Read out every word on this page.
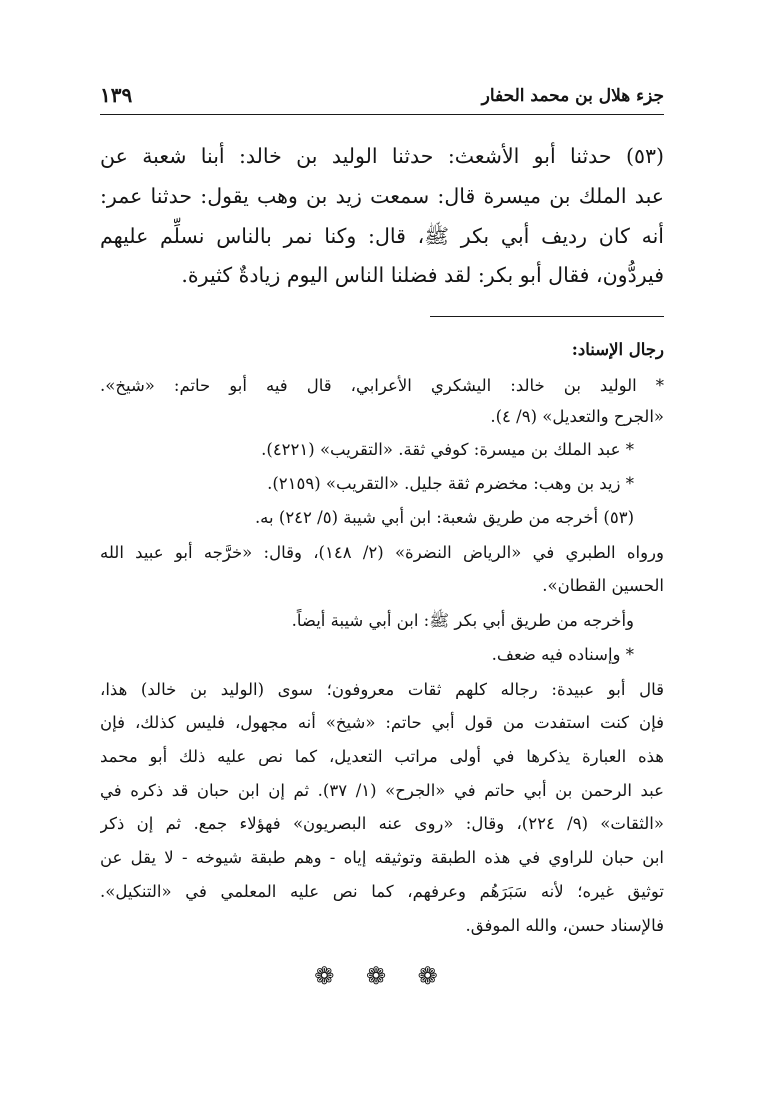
جزء هلال بن محمد الحفار
١٣٩

(٥٣) حدثنا أبو الأشعث: حدثنا الوليد بن خالد: أبنا شعبة عن

عبد الملك بن ميسرة قال: سمعت زيد بن وهب يقول: حدثنا عمر:

أنه كان رديف أبي بكر ﷺ، قال: وكنا نمر بالناس نسلِّم عليهم

فيردُّون، فقال أبو بكر: لقد فضلنا الناس اليوم زيادةٌ كثيرة.

رجال الإسناد:

* الوليد بن خالد: اليشكري الأعرابي، قال فيه أبو حاتم: «شيخ».

«الجرح والتعديل» (٩/ ٤).

* عبد الملك بن ميسرة: كوفي ثقة. «التقريب» (٤٢٢١).

* زيد بن وهب: مخضرم ثقة جليل. «التقريب» (٢١٥٩).

(٥٣) أخرجه من طريق شعبة: ابن أبي شيبة (٥/ ٢٤٢) به.

ورواه الطبري في «الرياض النضرة» (٢/ ١٤٨)، وقال: «خرَّجه أبو عبيد الله

الحسين القطان».

وأخرجه من طريق أبي بكر ﷺ: ابن أبي شيبة أيضاً.

* وإسناده فيه ضعف.

قال أبو عبيدة: رجاله كلهم ثقات معروفون؛ سوى (الوليد بن خالد) هذا،

فإن كنت استفدت من قول أبي حاتم: «شيخ» أنه مجهول، فليس كذلك، فإن

هذه العبارة يذكرها في أولى مراتب التعديل، كما نص عليه ذلك أبو محمد

عبد الرحمن بن أبي حاتم في «الجرح» (١/ ٣٧). ثم إن ابن حبان قد ذكره في

«الثقات» (٩/ ٢٢٤)، وقال: «روى عنه البصريون» فهؤلاء جمع. ثم إن ذكر

ابن حبان للراوي في هذه الطبقة وتوثيقه إياه - وهم طبقة شيوخه - لا يقل عن

توثيق غيره؛ لأنه سَبَرَهُم وعرفهم، كما نص عليه المعلمي في «التنكيل».

فالإسناد حسن، والله الموفق.

❁ ❁ ❁
